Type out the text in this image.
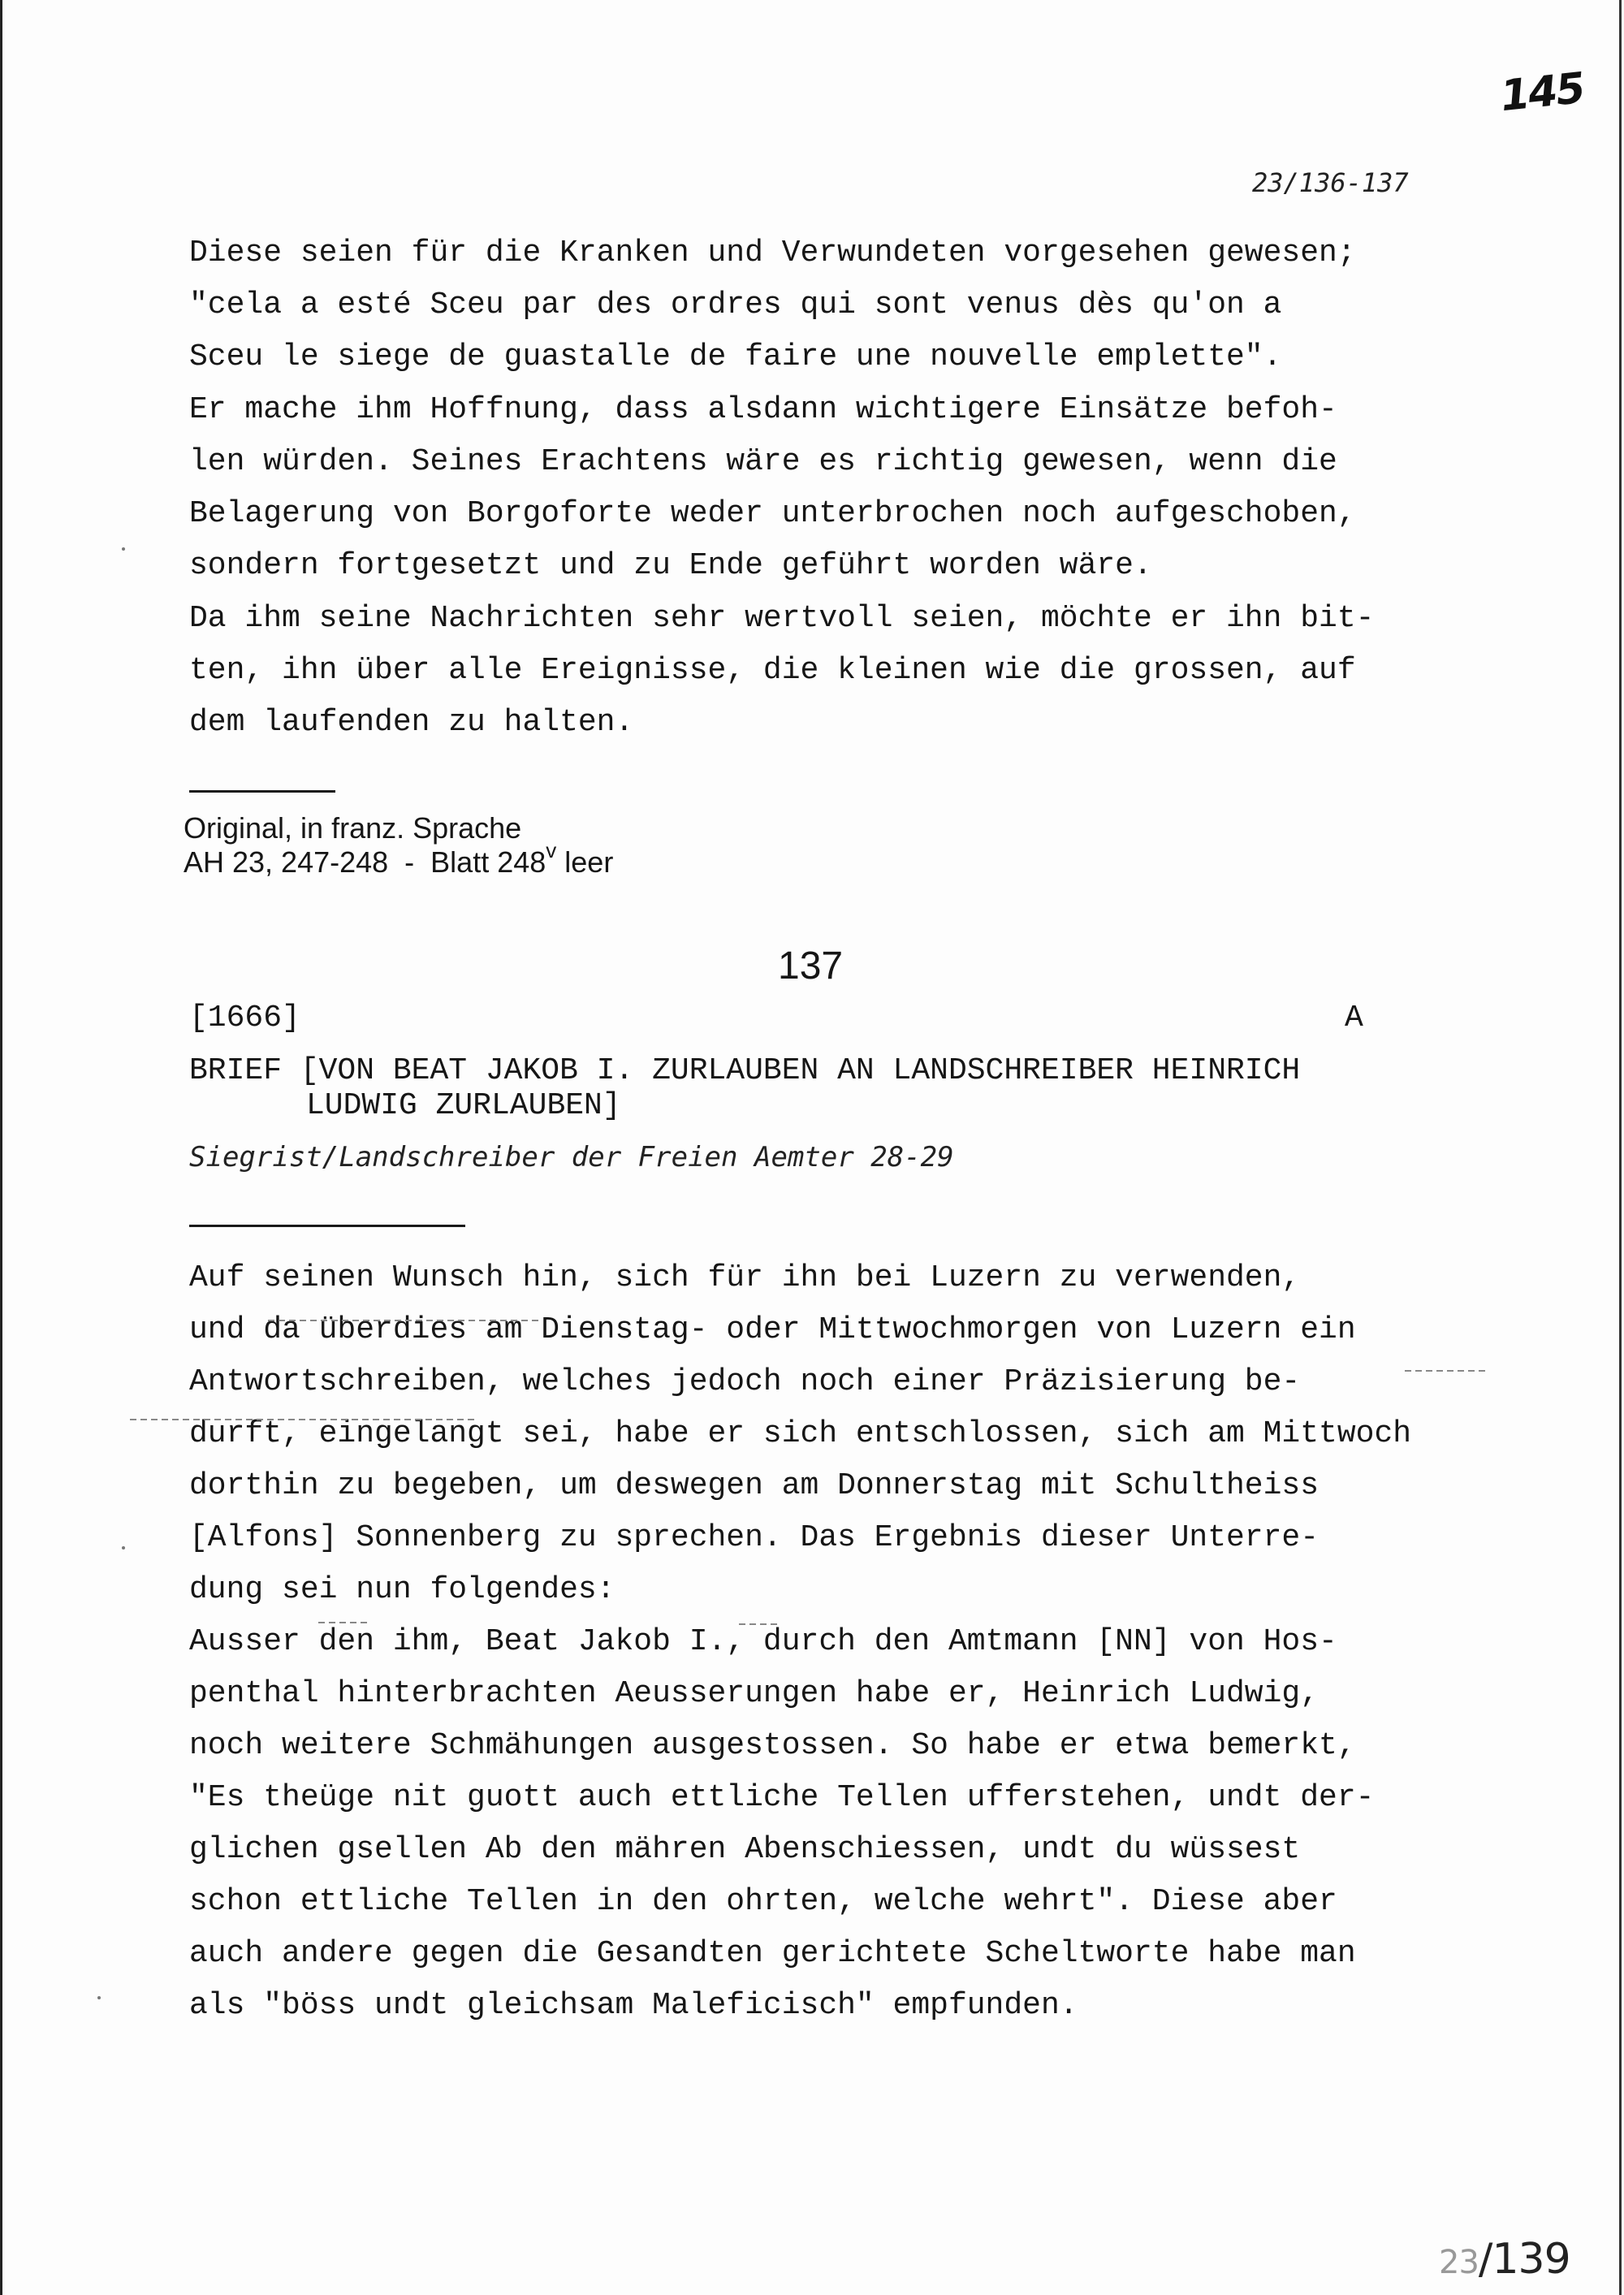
145
23/136-137
Diese seien für die Kranken und Verwundeten vorgesehen gewesen;
"cela a esté Sceu par des ordres qui sont venus dès qu'on a
Sceu le siege de guastalle de faire une nouvelle emplette".
Er mache ihm Hoffnung, dass alsdann wichtigere Einsätze befoh-
len würden. Seines Erachtens wäre es richtig gewesen, wenn die
Belagerung von Borgoforte weder unterbrochen noch aufgeschoben,
sondern fortgesetzt und zu Ende geführt worden wäre.
Da ihm seine Nachrichten sehr wertvoll seien, möchte er ihn bit-
ten, ihn über alle Ereignisse, die kleinen wie die grossen, auf
dem laufenden zu halten.
Original, in franz. Sprache
AH 23, 247-248  -  Blatt 248$^v$ leer
137
[1666]	A
BRIEF [VON BEAT JAKOB I. ZURLAUBEN AN LANDSCHREIBER HEINRICH
LUDWIG ZURLAUBEN]
Siegrist/Landschreiber der Freien Aemter 28-29
Auf seinen Wunsch hin, sich für ihn bei Luzern zu verwenden,
und da überdies am Dienstag- oder Mittwochmorgen von Luzern ein
Antwortschreiben, welches jedoch noch einer Präzisierung be-
durft, eingelangt sei, habe er sich entschlossen, sich am Mittwoch
dorthin zu begeben, um deswegen am Donnerstag mit Schultheiss
[Alfons] Sonnenberg zu sprechen. Das Ergebnis dieser Unterre-
dung sei nun folgendes:
Ausser den ihm, Beat Jakob I., durch den Amtmann [NN] von Hos-
penthal hinterbrachten Aeusserungen habe er, Heinrich Ludwig,
noch weitere Schmähungen ausgestossen. So habe er etwa bemerkt,
"Es theüge nit guott auch ettliche Tellen ufferstehen, undt der-
glichen gsellen Ab den mähren Abenschiessen, undt du wüssest
schon ettliche Tellen in den ohrten, welche wehrt". Diese aber
auch andere gegen die Gesandten gerichtete Scheltworte habe man
als "böss undt gleichsam Maleficisch" empfunden.
23/139
